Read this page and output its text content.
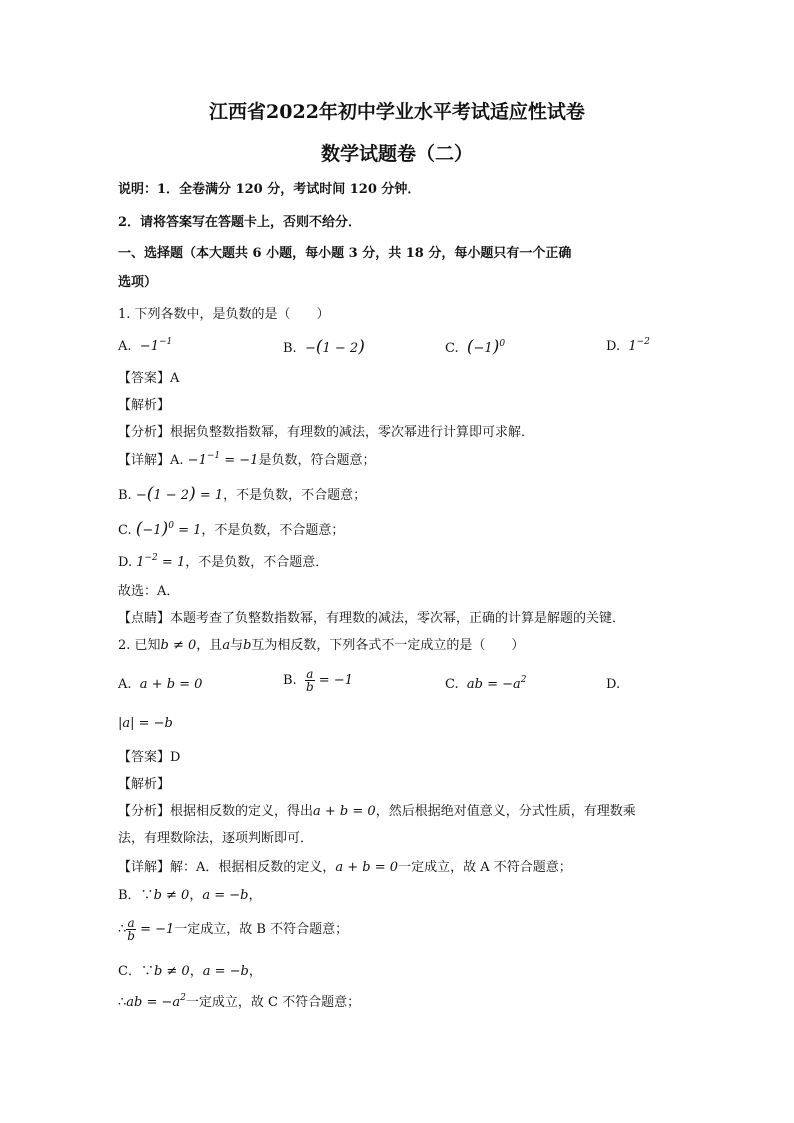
江西省2022年初中学业水平考试适应性试卷
数学试题卷（二）
说明：1．全卷满分 120 分，考试时间 120 分钟．
2．请将答案写在答题卡上，否则不给分．
一、选择题（本大题共 6 小题，每小题 3 分，共 18 分，每小题只有一个正确
选项）
1. 下列各数中，是负数的是（　　）
A. $-1^{-1}$	B. −(1 − 2)	C. $(-1)^0$	D. $1^{-2}$
【答案】A
【解析】
【分析】根据负整数指数幂，有理数的减法，零次幂进行计算即可求解．
【详解】A. $-1^{-1} = -1$是负数，符合题意；
B. −(1 − 2) = 1，不是负数，不合题意；
C. $(-1)^0 = 1$，不是负数，不合题意；
D. $1^{-2} = 1$，不是负数，不合题意．
故选：A．
【点睛】本题考查了负整数指数幂，有理数的减法，零次幂，正确的计算是解题的关键．
2. 已知b ≠ 0，且a与b互为相反数，下列各式不一定成立的是（　　）
A. a + b = 0	B. $\frac{a}{b} = -1$	C. ab = $-a^2$	D.
|a| = −b
【答案】D
【解析】
【分析】根据相反数的定义，得出a + b = 0，然后根据绝对值意义，分式性质，有理数乘
法，有理数除法，逐项判断即可．
【详解】解：A．根据相反数的定义，a + b = 0一定成立，故 A 不符合题意；
B．∵b ≠ 0，a = −b，
∴ $\frac{a}{b} = -1$一定成立，故 B 不符合题意；
C．∵b ≠ 0，a = −b，
∴ab = $-a^2$一定成立，故 C 不符合题意；
